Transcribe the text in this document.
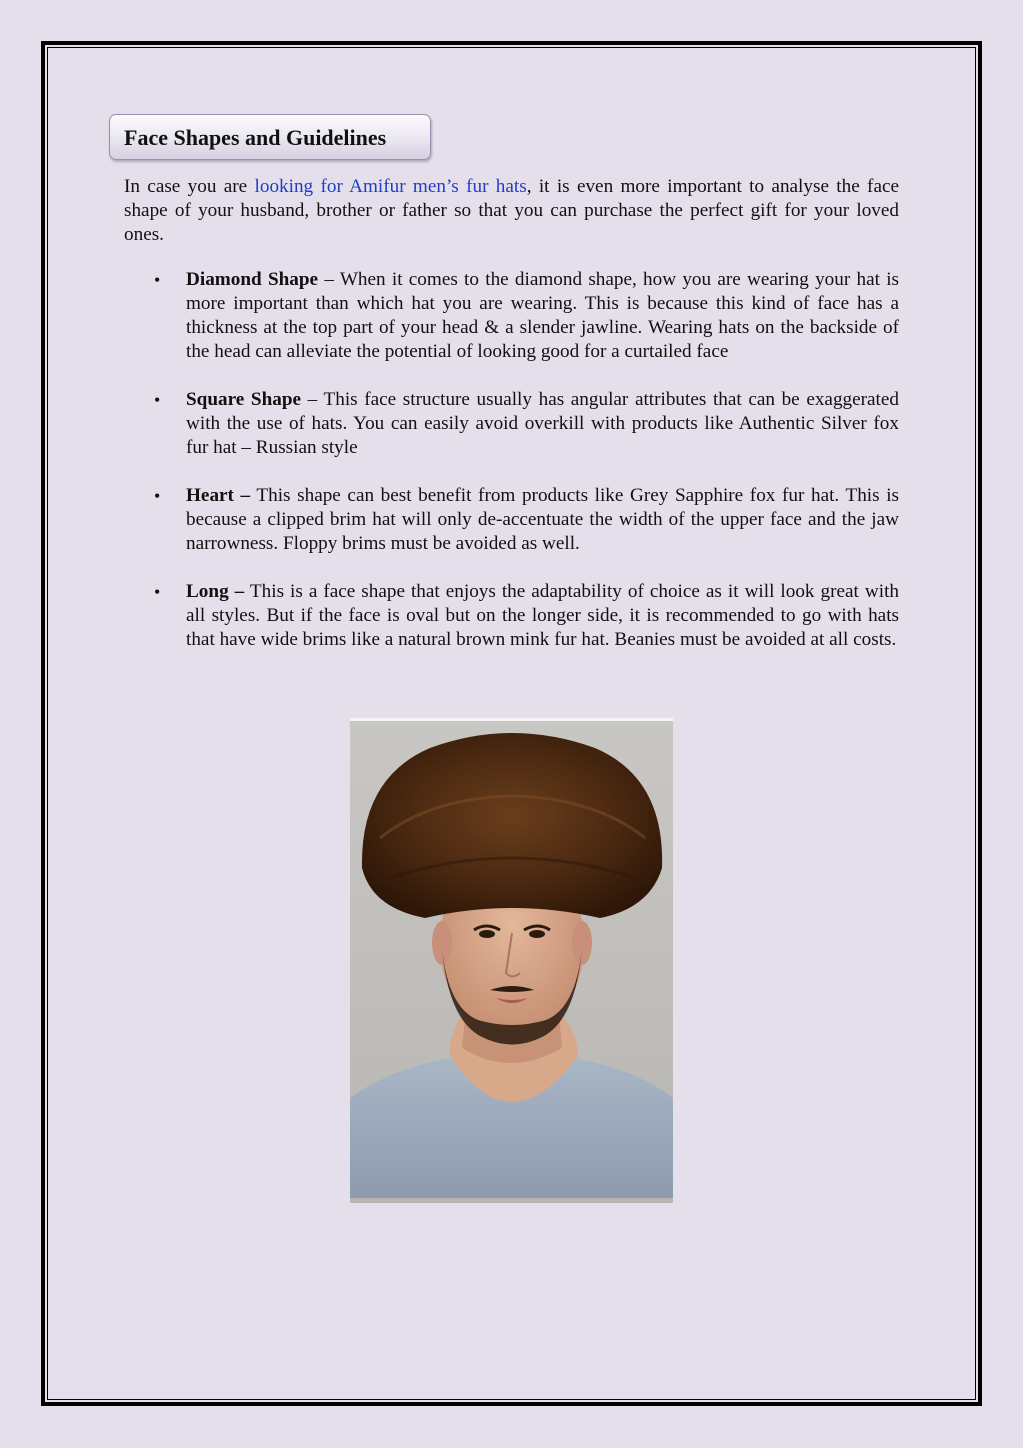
Face Shapes and Guidelines

In case you are looking for Amifur men’s fur hats, it is even more important to analyse the face shape of your husband, brother or father so that you can purchase the perfect gift for your loved ones.

• Diamond Shape – When it comes to the diamond shape, how you are wearing your hat is more important than which hat you are wearing. This is because this kind of face has a thickness at the top part of your head & a slender jawline. Wearing hats on the backside of the head can alleviate the potential of looking good for a curtailed face
• Square Shape – This face structure usually has angular attributes that can be exaggerated with the use of hats. You can easily avoid overkill with products like Authentic Silver fox fur hat – Russian style
• Heart – This shape can best benefit from products like Grey Sapphire fox fur hat. This is because a clipped brim hat will only de-accentuate the width of the upper face and the jaw narrowness. Floppy brims must be avoided as well.
• Long – This is a face shape that enjoys the adaptability of choice as it will look great with all styles. But if the face is oval but on the longer side, it is recommended to go with hats that have wide brims like a natural brown mink fur hat. Beanies must be avoided at all costs.
